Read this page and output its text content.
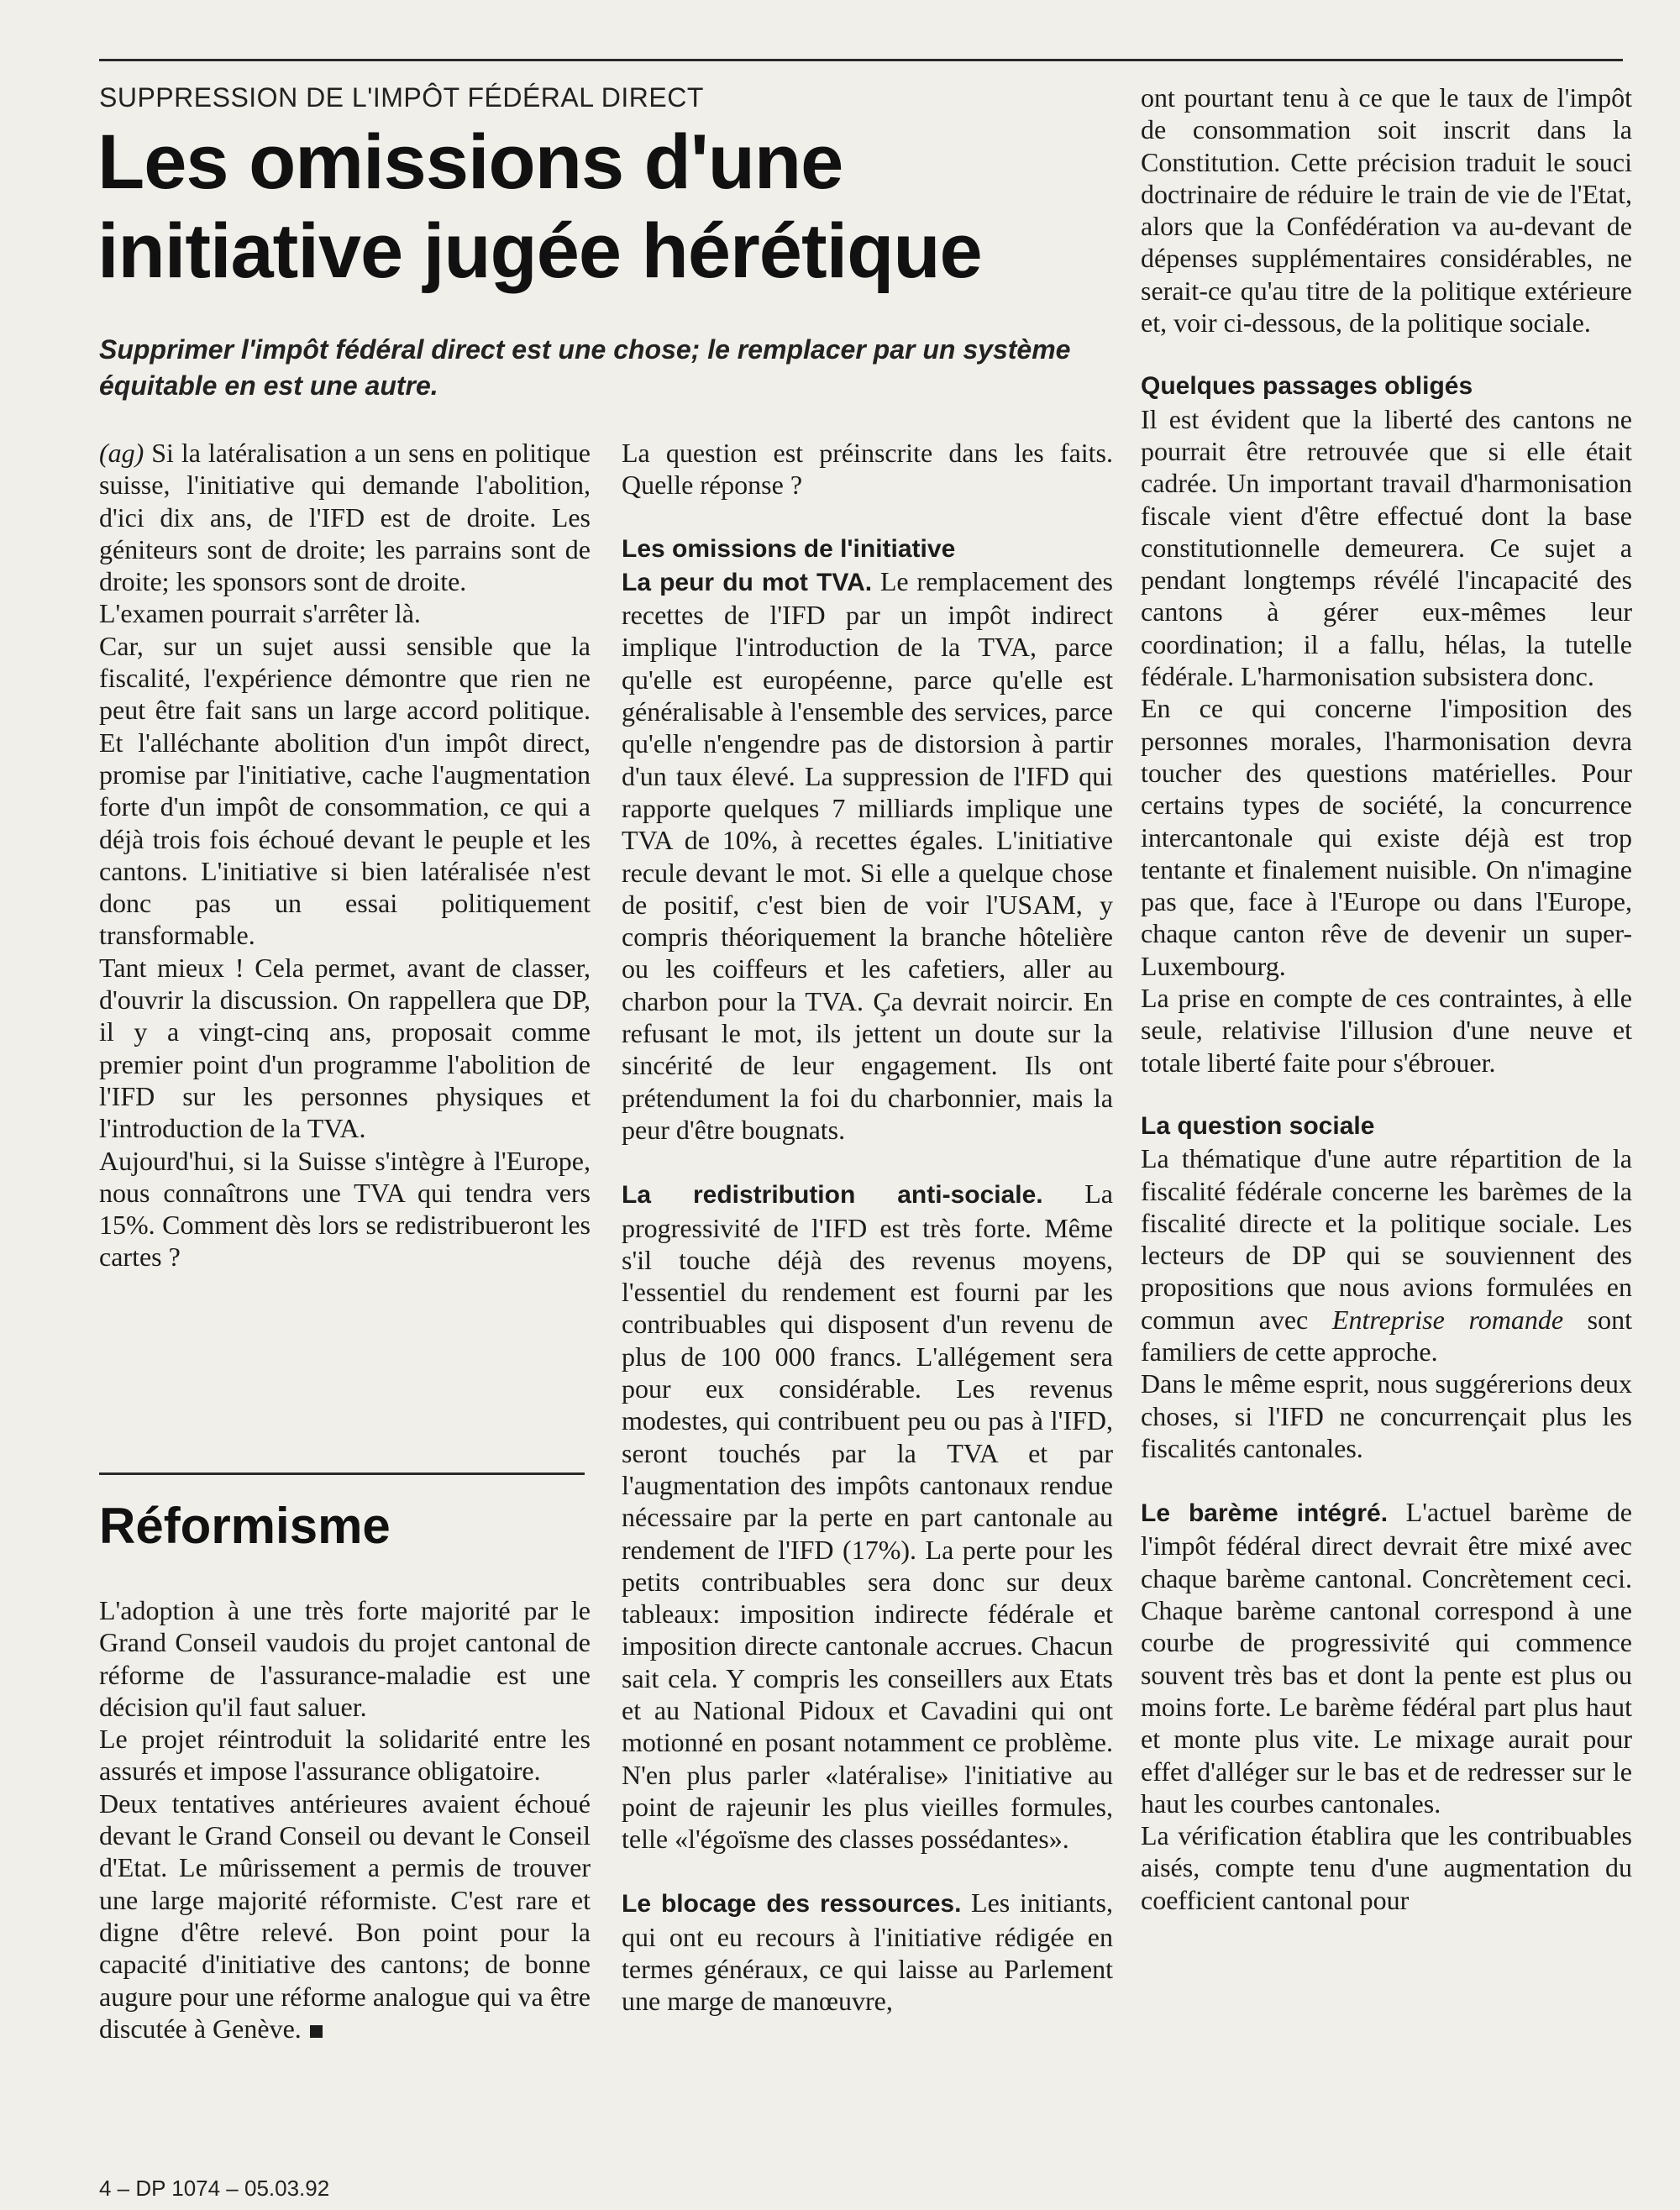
SUPPRESSION DE L'IMPÔT FÉDÉRAL DIRECT
Les omissions d'une
initiative jugée hérétique
Supprimer l'impôt fédéral direct est une chose; le remplacer par un système équitable en est une autre.

(ag) Si la latéralisation a un sens en politique suisse, l'initiative qui demande l'abolition, d'ici dix ans, de l'IFD est de droite. Les géniteurs sont de droite; les parrains sont de droite; les sponsors sont de droite.

L'examen pourrait s'arrêter là.

Car, sur un sujet aussi sensible que la fiscalité, l'expérience démontre que rien ne peut être fait sans un large accord politique. Et l'alléchante abolition d'un impôt direct, promise par l'initiative, cache l'augmentation forte d'un impôt de consommation, ce qui a déjà trois fois échoué devant le peuple et les cantons. L'initiative si bien latéralisée n'est donc pas un essai politiquement transformable.

Tant mieux ! Cela permet, avant de classer, d'ouvrir la discussion. On rappellera que DP, il y a vingt-cinq ans, proposait comme premier point d'un programme l'abolition de l'IFD sur les personnes physiques et l'introduction de la TVA.

Aujourd'hui, si la Suisse s'intègre à l'Europe, nous connaîtrons une TVA qui tendra vers 15%. Comment dès lors se redistribueront les cartes ?

Réformisme

L'adoption à une très forte majorité par le Grand Conseil vaudois du projet cantonal de réforme de l'assurance-maladie est une décision qu'il faut saluer.

Le projet réintroduit la solidarité entre les assurés et impose l'assurance obligatoire.

Deux tentatives antérieures avaient échoué devant le Grand Conseil ou devant le Conseil d'Etat. Le mûrissement a permis de trouver une large majorité réformiste. C'est rare et digne d'être relevé. Bon point pour la capacité d'initiative des cantons; de bonne augure pour une réforme analogue qui va être discutée à Genève.

La question est préinscrite dans les faits. Quelle réponse ?

Les omissions de l'initiative

La peur du mot TVA. Le remplacement des recettes de l'IFD par un impôt indirect implique l'introduction de la TVA, parce qu'elle est européenne, parce qu'elle est généralisable à l'ensemble des services, parce qu'elle n'engendre pas de distorsion à partir d'un taux élevé. La suppression de l'IFD qui rapporte quelques 7 milliards implique une TVA de 10%, à recettes égales. L'initiative recule devant le mot. Si elle a quelque chose de positif, c'est bien de voir l'USAM, y compris théoriquement la branche hôtelière ou les coiffeurs et les cafetiers, aller au charbon pour la TVA. Ça devrait noircir. En refusant le mot, ils jettent un doute sur la sincérité de leur engagement. Ils ont prétendument la foi du charbonnier, mais la peur d'être bougnats.

La redistribution anti-sociale. La progressivité de l'IFD est très forte. Même s'il touche déjà des revenus moyens, l'essentiel du rendement est fourni par les contribuables qui disposent d'un revenu de plus de 100 000 francs. L'allégement sera pour eux considérable. Les revenus modestes, qui contribuent peu ou pas à l'IFD, seront touchés par la TVA et par l'augmentation des impôts cantonaux rendue nécessaire par la perte en part cantonale au rendement de l'IFD (17%). La perte pour les petits contribuables sera donc sur deux tableaux: imposition indirecte fédérale et imposition directe cantonale accrues. Chacun sait cela. Y compris les conseillers aux Etats et au National Pidoux et Cavadini qui ont motionné en posant notamment ce problème. N'en plus parler «latéralise» l'initiative au point de rajeunir les plus vieilles formules, telle «l'égoïsme des classes possédantes».

Le blocage des ressources. Les initiants, qui ont eu recours à l'initiative rédigée en termes généraux, ce qui laisse au Parlement une marge de manœuvre,

ont pourtant tenu à ce que le taux de l'impôt de consommation soit inscrit dans la Constitution. Cette précision traduit le souci doctrinaire de réduire le train de vie de l'Etat, alors que la Confédération va au-devant de dépenses supplémentaires considérables, ne serait-ce qu'au titre de la politique extérieure et, voir ci-dessous, de la politique sociale.

Quelques passages obligés

Il est évident que la liberté des cantons ne pourrait être retrouvée que si elle était cadrée. Un important travail d'harmonisation fiscale vient d'être effectué dont la base constitutionnelle demeurera. Ce sujet a pendant longtemps révélé l'incapacité des cantons à gérer eux-mêmes leur coordination; il a fallu, hélas, la tutelle fédérale. L'harmonisation subsistera donc.

En ce qui concerne l'imposition des personnes morales, l'harmonisation devra toucher des questions matérielles. Pour certains types de société, la concurrence intercantonale qui existe déjà est trop tentante et finalement nuisible. On n'imagine pas que, face à l'Europe ou dans l'Europe, chaque canton rêve de devenir un super-Luxembourg.

La prise en compte de ces contraintes, à elle seule, relativise l'illusion d'une neuve et totale liberté faite pour s'ébrouer.

La question sociale

La thématique d'une autre répartition de la fiscalité fédérale concerne les barèmes de la fiscalité directe et la politique sociale. Les lecteurs de DP qui se souviennent des propositions que nous avions formulées en commun avec Entreprise romande sont familiers de cette approche.

Dans le même esprit, nous suggérerions deux choses, si l'IFD ne concurrençait plus les fiscalités cantonales.

Le barème intégré. L'actuel barème de l'impôt fédéral direct devrait être mixé avec chaque barème cantonal. Concrètement ceci. Chaque barème cantonal correspond à une courbe de progressivité qui commence souvent très bas et dont la pente est plus ou moins forte. Le barème fédéral part plus haut et monte plus vite. Le mixage aurait pour effet d'alléger sur le bas et de redresser sur le haut les courbes cantonales.

La vérification établira que les contribuables aisés, compte tenu d'une augmentation du coefficient cantonal pour

4 – DP 1074 – 05.03.92
